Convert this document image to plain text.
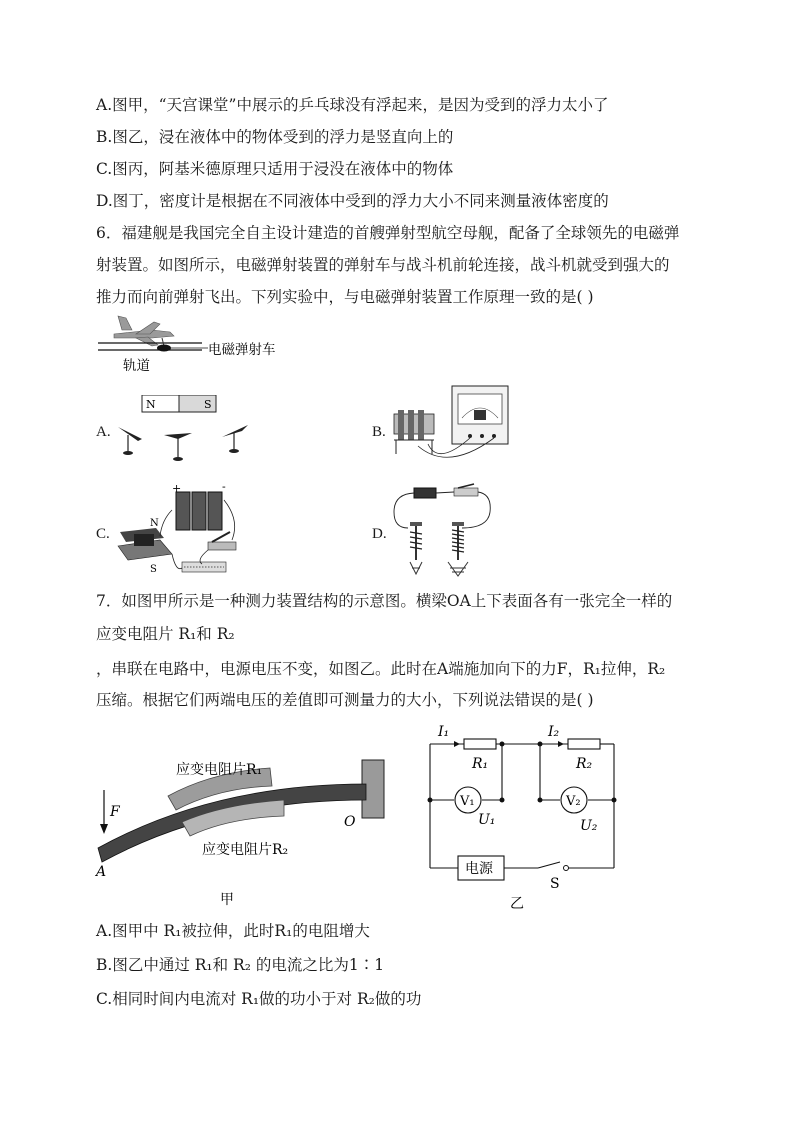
A.图甲，“天宫课堂”中展示的乒乓球没有浮起来，是因为受到的浮力太小了
B.图乙，浸在液体中的物体受到的浮力是竖直向上的
C.图丙，阿基米德原理只适用于浸没在液体中的物体
D.图丁，密度计是根据在不同液体中受到的浮力大小不同来测量液体密度的
6．福建舰是我国完全自主设计建造的首艘弹射型航空母舰，配备了全球领先的电磁弹
射装置。如图所示，电磁弹射装置的弹射车与战斗机前轮连接，战斗机就受到强大的
推力而向前弹射飞出。下列实验中，与电磁弹射装置工作原理一致的是( )
电磁弹射车
轨道
A.
N	S
B.
C.
+	-
N
S
D.
7．如图甲所示是一种测力装置结构的示意图。横梁OA上下表面各有一张完全一样的
应变电阻片 R₁和 R₂
，串联在电路中，电源电压不变，如图乙。此时在A端施加向下的力F，R₁拉伸，R₂
压缩。根据它们两端电压的差值即可测量力的大小，下列说法错误的是( )
应变电阻片R₁
应变电阻片R₂
F
A
O
甲
V₁	V₂
电源
I₁	I₂
R₁	R₂
U₁	U₂
S
乙
A.图甲中 R₁被拉伸，此时R₁的电阻增大
B.图乙中通过 R₁和 R₂ 的电流之比为1∶1
C.相同时间内电流对 R₁做的功小于对 R₂做的功
